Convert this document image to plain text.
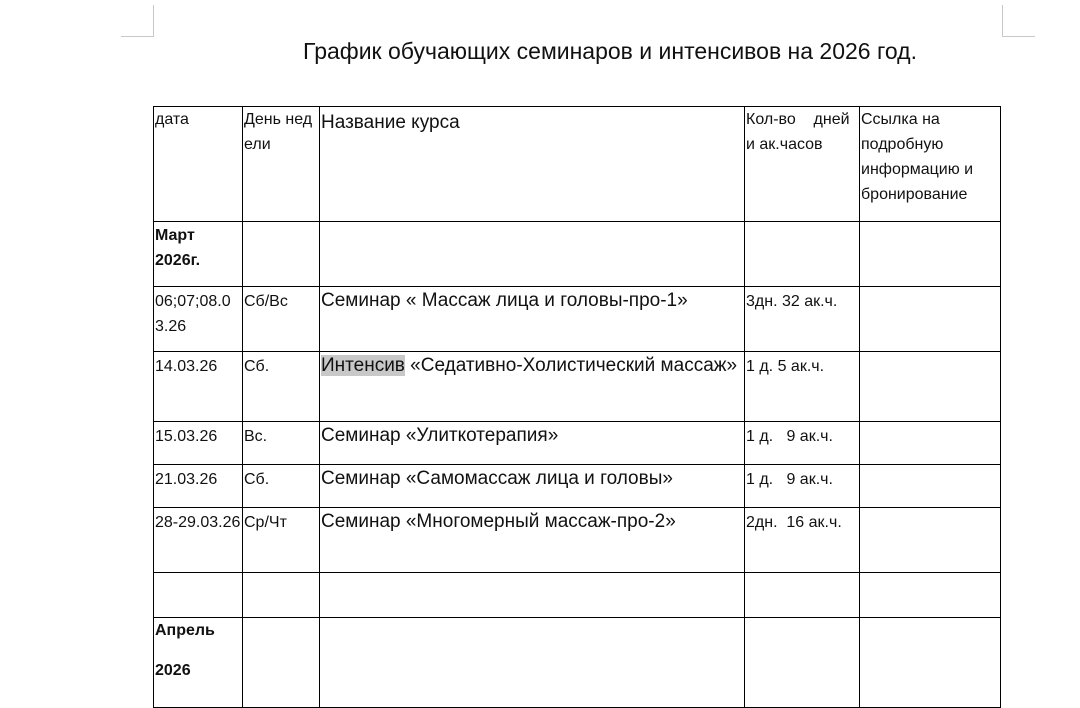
График обучающих семинаров и интенсивов на 2026 год.
дата	День недели	Название курса	Кол-во    дней и ак.часов	Ссылка на подробную информацию и бронирование
Март
2026г.				
06;07;08.03.26	Сб/Вс	Семинар « Массаж лица и головы-про-1»	3дн. 32 ак.ч.	
14.03.26	Сб.	Интенсив «Седативно-Холистический массаж»	1 д. 5 ак.ч.	
15.03.26	Вс.	Семинар «Улиткотерапия»	1 д.   9 ак.ч.	
21.03.26	Сб.	Семинар «Самомассаж лица и головы»	1 д.   9 ак.ч.	
28-29.03.26	Ср/Чт	Семинар «Многомерный массаж-про-2»	2дн.  16 ак.ч.	

Апрель
2026				
